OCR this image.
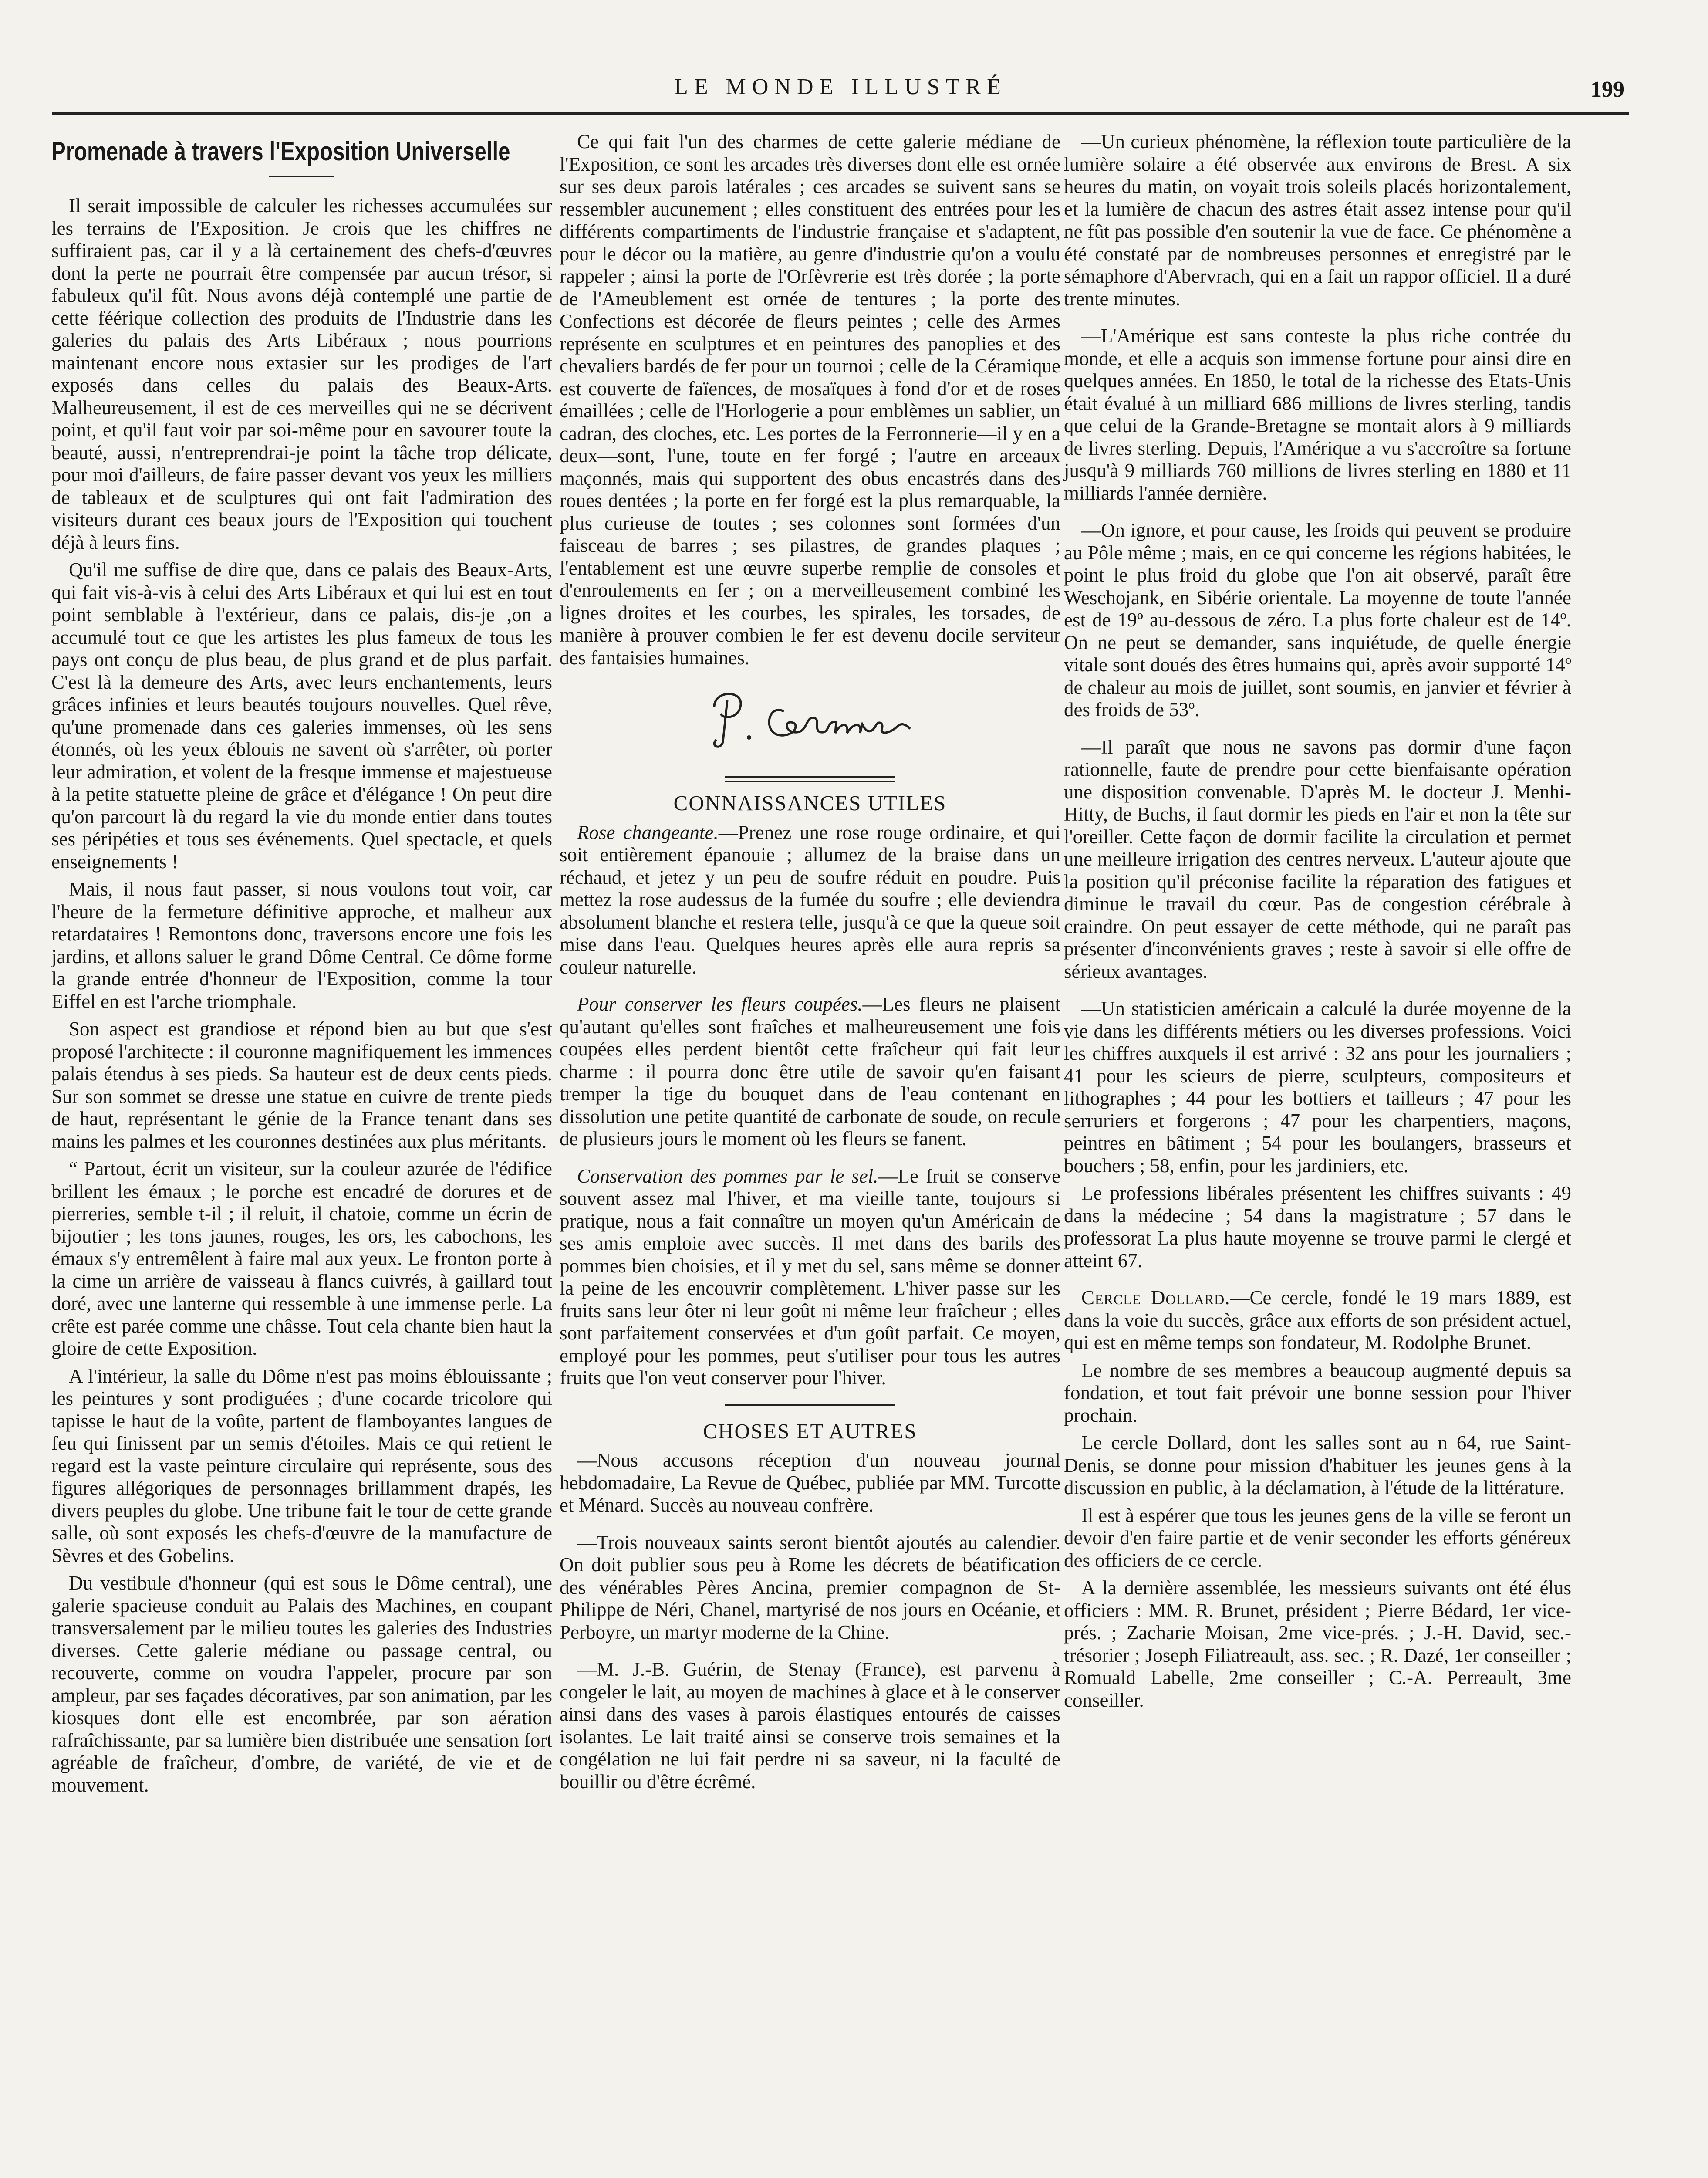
LE MONDE ILLUSTRÉ	199
Promenade à travers l'Exposition Universelle

Il serait impossible de calculer les richesses accumulées sur les terrains de l'Exposition. Je crois que les chiffres ne suffiraient pas, car il y a là certainement des chefs-d'œuvres dont la perte ne pourrait être compensée par aucun trésor, si fabuleux qu'il fût. Nous avons déjà contemplé une partie de cette féérique collection des produits de l'Industrie dans les galeries du palais des Arts Libéraux ; nous pourrions maintenant encore nous extasier sur les prodiges de l'art exposés dans celles du palais des Beaux-Arts. Malheureusement, il est de ces merveilles qui ne se décrivent point, et qu'il faut voir par soi-même pour en savourer toute la beauté, aussi, n'entreprendrai-je point la tâche trop délicate, pour moi d'ailleurs, de faire passer devant vos yeux les milliers de tableaux et de sculptures qui ont fait l'admiration des visiteurs durant ces beaux jours de l'Exposition qui touchent déjà à leurs fins.

Qu'il me suffise de dire que, dans ce palais des Beaux-Arts, qui fait vis-à-vis à celui des Arts Libéraux et qui lui est en tout point semblable à l'extérieur, dans ce palais, dis-je ,on a accumulé tout ce que les artistes les plus fameux de tous les pays ont conçu de plus beau, de plus grand et de plus parfait. C'est là la demeure des Arts, avec leurs enchantements, leurs grâces infinies et leurs beautés toujours nouvelles. Quel rêve, qu'une promenade dans ces galeries immenses, où les sens étonnés, où les yeux éblouis ne savent où s'arrêter, où porter leur admiration, et volent de la fresque immense et majestueuse à la petite statuette pleine de grâce et d'élégance ! On peut dire qu'on parcourt là du regard la vie du monde entier dans toutes ses péripéties et tous ses événements. Quel spectacle, et quels enseignements !

Mais, il nous faut passer, si nous voulons tout voir, car l'heure de la fermeture définitive approche, et malheur aux retardataires ! Remontons donc, traversons encore une fois les jardins, et allons saluer le grand Dôme Central. Ce dôme forme la grande entrée d'honneur de l'Exposition, comme la tour Eiffel en est l'arche triomphale.

Son aspect est grandiose et répond bien au but que s'est proposé l'architecte : il couronne magnifiquement les immences palais étendus à ses pieds. Sa hauteur est de deux cents pieds. Sur son sommet se dresse une statue en cuivre de trente pieds de haut, représentant le génie de la France tenant dans ses mains les palmes et les couronnes destinées aux plus méritants.

“ Partout, écrit un visiteur, sur la couleur azurée de l'édifice brillent les émaux ; le porche est encadré de dorures et de pierreries, semble t-il ; il reluit, il chatoie, comme un écrin de bijoutier ; les tons jaunes, rouges, les ors, les cabochons, les émaux s'y entremêlent à faire mal aux yeux. Le fronton porte à la cime un arrière de vaisseau à flancs cuivrés, à gaillard tout doré, avec une lanterne qui ressemble à une immense perle. La crête est parée comme une châsse. Tout cela chante bien haut la gloire de cette Exposition.

A l'intérieur, la salle du Dôme n'est pas moins éblouissante ; les peintures y sont prodiguées ; d'une cocarde tricolore qui tapisse le haut de la voûte, partent de flamboyantes langues de feu qui finissent par un semis d'étoiles. Mais ce qui retient le regard est la vaste peinture circulaire qui représente, sous des figures allégoriques de personnages brillamment drapés, les divers peuples du globe. Une tribune fait le tour de cette grande salle, où sont exposés les chefs-d'œuvre de la manufacture de Sèvres et des Gobelins.

Du vestibule d'honneur (qui est sous le Dôme central), une galerie spacieuse conduit au Palais des Machines, en coupant transversalement par le milieu toutes les galeries des Industries diverses. Cette galerie médiane ou passage central, ou recouverte, comme on voudra l'appeler, procure par son ampleur, par ses façades décoratives, par son animation, par les kiosques dont elle est encombrée, par son aération rafraîchissante, par sa lumière bien distribuée une sensation fort agréable de fraîcheur, d'ombre, de variété, de vie et de mouvement.

Ce qui fait l'un des charmes de cette galerie médiane de l'Exposition, ce sont les arcades très diverses dont elle est ornée sur ses deux parois latérales ; ces arcades se suivent sans se ressembler aucunement ; elles constituent des entrées pour les différents compartiments de l'industrie française et s'adaptent, pour le décor ou la matière, au genre d'industrie qu'on a voulu rappeler ; ainsi la porte de l'Orfèvrerie est très dorée ; la porte de l'Ameublement est ornée de tentures ; la porte des Confections est décorée de fleurs peintes ; celle des Armes représente en sculptures et en peintures des panoplies et des chevaliers bardés de fer pour un tournoi ; celle de la Céramique est couverte de faïences, de mosaïques à fond d'or et de roses émaillées ; celle de l'Horlogerie a pour emblèmes un sablier, un cadran, des cloches, etc. Les portes de la Ferronnerie—il y en a deux—sont, l'une, toute en fer forgé ; l'autre en arceaux maçonnés, mais qui supportent des obus encastrés dans des roues dentées ; la porte en fer forgé est la plus remarquable, la plus curieuse de toutes ; ses colonnes sont formées d'un faisceau de barres ; ses pilastres, de grandes plaques ; l'entablement est une œuvre superbe remplie de consoles et d'enroulements en fer ; on a merveilleusement combiné les lignes droites et les courbes, les spirales, les torsades, de manière à prouver combien le fer est devenu docile serviteur des fantaisies humaines.

CONNAISSANCES UTILES

Rose changeante.—Prenez une rose rouge ordinaire, et qui soit entièrement épanouie ; allumez de la braise dans un réchaud, et jetez y un peu de soufre réduit en poudre. Puis mettez la rose audessus de la fumée du soufre ; elle deviendra absolument blanche et restera telle, jusqu'à ce que la queue soit mise dans l'eau. Quelques heures après elle aura repris sa couleur naturelle.

Pour conserver les fleurs coupées.—Les fleurs ne plaisent qu'autant qu'elles sont fraîches et malheureusement une fois coupées elles perdent bientôt cette fraîcheur qui fait leur charme : il pourra donc être utile de savoir qu'en faisant tremper la tige du bouquet dans de l'eau contenant en dissolution une petite quantité de carbonate de soude, on recule de plusieurs jours le moment où les fleurs se fanent.

Conservation des pommes par le sel.—Le fruit se conserve souvent assez mal l'hiver, et ma vieille tante, toujours si pratique, nous a fait connaître un moyen qu'un Américain de ses amis emploie avec succès. Il met dans des barils des pommes bien choisies, et il y met du sel, sans même se donner la peine de les encouvrir complètement. L'hiver passe sur les fruits sans leur ôter ni leur goût ni même leur fraîcheur ; elles sont parfaitement conservées et d'un goût parfait. Ce moyen, employé pour les pommes, peut s'utiliser pour tous les autres fruits que l'on veut conserver pour l'hiver.

CHOSES ET AUTRES

—Nous accusons réception d'un nouveau journal hebdomadaire, La Revue de Québec, publiée par MM. Turcotte et Ménard. Succès au nouveau confrère.

—Trois nouveaux saints seront bientôt ajoutés au calendier. On doit publier sous peu à Rome les décrets de béatification des vénérables Pères Ancina, premier compagnon de St-Philippe de Néri, Chanel, martyrisé de nos jours en Océanie, et Perboyre, un martyr moderne de la Chine.

—M. J.-B. Guérin, de Stenay (France), est parvenu à congeler le lait, au moyen de machines à glace et à le conserver ainsi dans des vases à parois élastiques entourés de caisses isolantes. Le lait traité ainsi se conserve trois semaines et la congélation ne lui fait perdre ni sa saveur, ni la faculté de bouillir ou d'être écrêmé.

—Un curieux phénomène, la réflexion toute particulière de la lumière solaire a été observée aux environs de Brest. A six heures du matin, on voyait trois soleils placés horizontalement, et la lumière de chacun des astres était assez intense pour qu'il ne fût pas possible d'en soutenir la vue de face. Ce phénomène a été constaté par de nombreuses personnes et enregistré par le sémaphore d'Abervrach, qui en a fait un rappor officiel. Il a duré trente minutes.

—L'Amérique est sans conteste la plus riche contrée du monde, et elle a acquis son immense fortune pour ainsi dire en quelques années. En 1850, le total de la richesse des Etats-Unis était évalué à un milliard 686 millions de livres sterling, tandis que celui de la Grande-Bretagne se montait alors à 9 milliards de livres sterling. Depuis, l'Amérique a vu s'accroître sa fortune jusqu'à 9 milliards 760 millions de livres sterling en 1880 et 11 milliards l'année dernière.

—On ignore, et pour cause, les froids qui peuvent se produire au Pôle même ; mais, en ce qui concerne les régions habitées, le point le plus froid du globe que l'on ait observé, paraît être Weschojank, en Sibérie orientale. La moyenne de toute l'année est de 19º au-dessous de zéro. La plus forte chaleur est de 14º. On ne peut se demander, sans inquiétude, de quelle énergie vitale sont doués des êtres humains qui, après avoir supporté 14º de chaleur au mois de juillet, sont soumis, en janvier et février à des froids de 53º.

—Il paraît que nous ne savons pas dormir d'une façon rationnelle, faute de prendre pour cette bienfaisante opération une disposition convenable. D'après M. le docteur J. Menhi-Hitty, de Buchs, il faut dormir les pieds en l'air et non la tête sur l'oreiller. Cette façon de dormir facilite la circulation et permet une meilleure irrigation des centres nerveux. L'auteur ajoute que la position qu'il préconise facilite la réparation des fatigues et diminue le travail du cœur. Pas de congestion cérébrale à craindre. On peut essayer de cette méthode, qui ne paraît pas présenter d'inconvénients graves ; reste à savoir si elle offre de sérieux avantages.

—Un statisticien américain a calculé la durée moyenne de la vie dans les différents métiers ou les diverses professions. Voici les chiffres auxquels il est arrivé : 32 ans pour les journaliers ; 41 pour les scieurs de pierre, sculpteurs, compositeurs et lithographes ; 44 pour les bottiers et tailleurs ; 47 pour les serruriers et forgerons ; 47 pour les charpentiers, maçons, peintres en bâtiment ; 54 pour les boulangers, brasseurs et bouchers ; 58, enfin, pour les jardiniers, etc.

Le professions libérales présentent les chiffres suivants : 49 dans la médecine ; 54 dans la magistrature ; 57 dans le professorat La plus haute moyenne se trouve parmi le clergé et atteint 67.

Cercle Dollard.—Ce cercle, fondé le 19 mars 1889, est dans la voie du succès, grâce aux efforts de son président actuel, qui est en même temps son fondateur, M. Rodolphe Brunet.

Le nombre de ses membres a beaucoup augmenté depuis sa fondation, et tout fait prévoir une bonne session pour l'hiver prochain.

Le cercle Dollard, dont les salles sont au n 64, rue Saint-Denis, se donne pour mission d'habituer les jeunes gens à la discussion en public, à la déclamation, à l'étude de la littérature.

Il est à espérer que tous les jeunes gens de la ville se feront un devoir d'en faire partie et de venir seconder les efforts généreux des officiers de ce cercle.

A la dernière assemblée, les messieurs suivants ont été élus officiers : MM. R. Brunet, président ; Pierre Bédard, 1er vice-prés. ; Zacharie Moisan, 2me vice-prés. ; J.-H. David, sec.-trésorier ; Joseph Filiatreault, ass. sec. ; R. Dazé, 1er conseiller ; Romuald Labelle, 2me conseiller ; C.-A. Perreault, 3me conseiller.
